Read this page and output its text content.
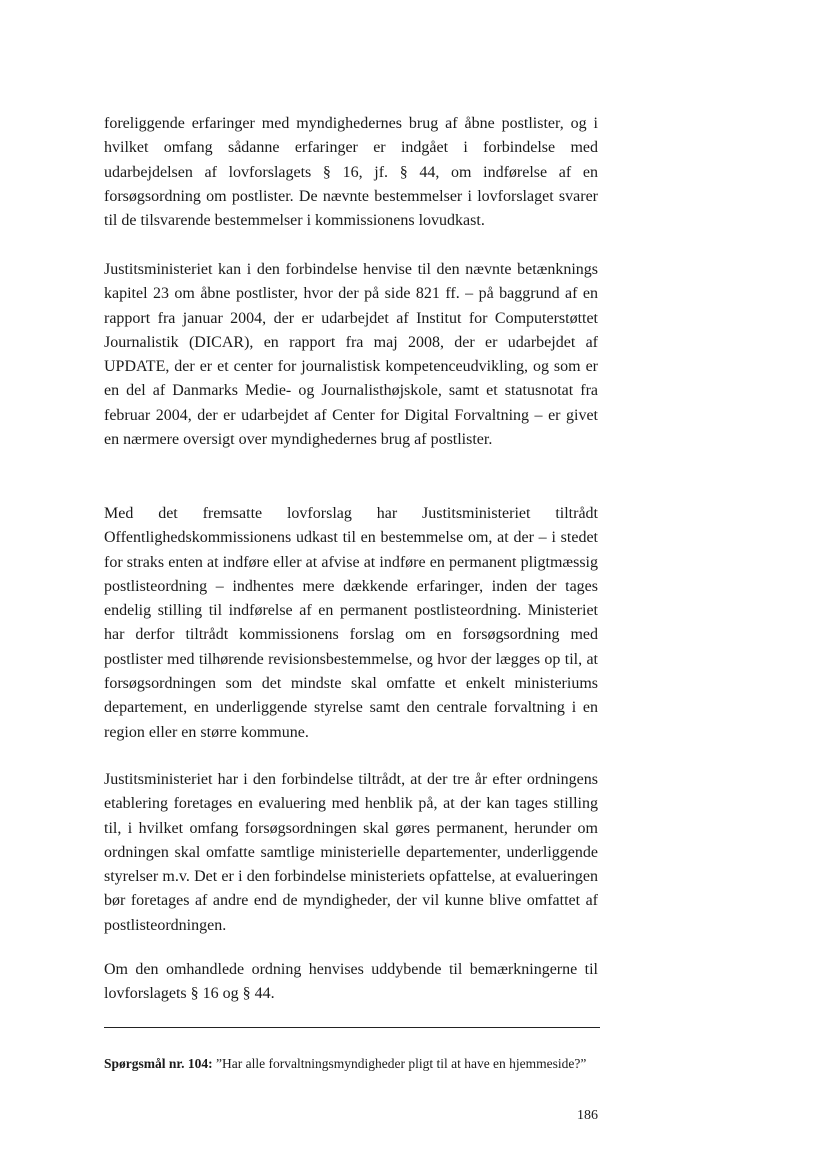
foreliggende erfaringer med myndighedernes brug af åbne postlister, og i hvilket omfang sådanne erfaringer er indgået i forbindelse med udarbejdelsen af lovforslagets § 16, jf. § 44, om indførelse af en forsøgsordning om postlister. De nævnte bestemmelser i lovforslaget svarer til de tilsvarende bestemmelser i kommissionens lovudkast.

Justitsministeriet kan i den forbindelse henvise til den nævnte betænknings kapitel 23 om åbne postlister, hvor der på side 821 ff. – på baggrund af en rapport fra januar 2004, der er udarbejdet af Institut for Computerstøttet Journalistik (DICAR), en rapport fra maj 2008, der er udarbejdet af UPDATE, der er et center for journalistisk kompetenceudvikling, og som er en del af Danmarks Medie- og Journalisthøjskole, samt et statusnotat fra februar 2004, der er udarbejdet af Center for Digital Forvaltning – er givet en nærmere oversigt over myndighedernes brug af postlister.

Med det fremsatte lovforslag har Justitsministeriet tiltrådt Offentlighedskommissionens udkast til en bestemmelse om, at der – i stedet for straks enten at indføre eller at afvise at indføre en permanent pligtmæssig postlisteordning – indhentes mere dækkende erfaringer, inden der tages endelig stilling til indførelse af en permanent postlisteordning. Ministeriet har derfor tiltrådt kommissionens forslag om en forsøgsordning med postlister med tilhørende revisionsbestemmelse, og hvor der lægges op til, at forsøgsordningen som det mindste skal omfatte et enkelt ministeriums departement, en underliggende styrelse samt den centrale forvaltning i en region eller en større kommune.

Justitsministeriet har i den forbindelse tiltrådt, at der tre år efter ordningens etablering foretages en evaluering med henblik på, at der kan tages stilling til, i hvilket omfang forsøgsordningen skal gøres permanent, herunder om ordningen skal omfatte samtlige ministerielle departementer, underliggende styrelser m.v. Det er i den forbindelse ministeriets opfattelse, at evalueringen bør foretages af andre end de myndigheder, der vil kunne blive omfattet af postlisteordningen.

Om den omhandlede ordning henvises uddybende til bemærkningerne til lovforslagets § 16 og § 44.

Spørgsmål nr. 104: ”Har alle forvaltningsmyndigheder pligt til at have en hjemmeside?”
186
